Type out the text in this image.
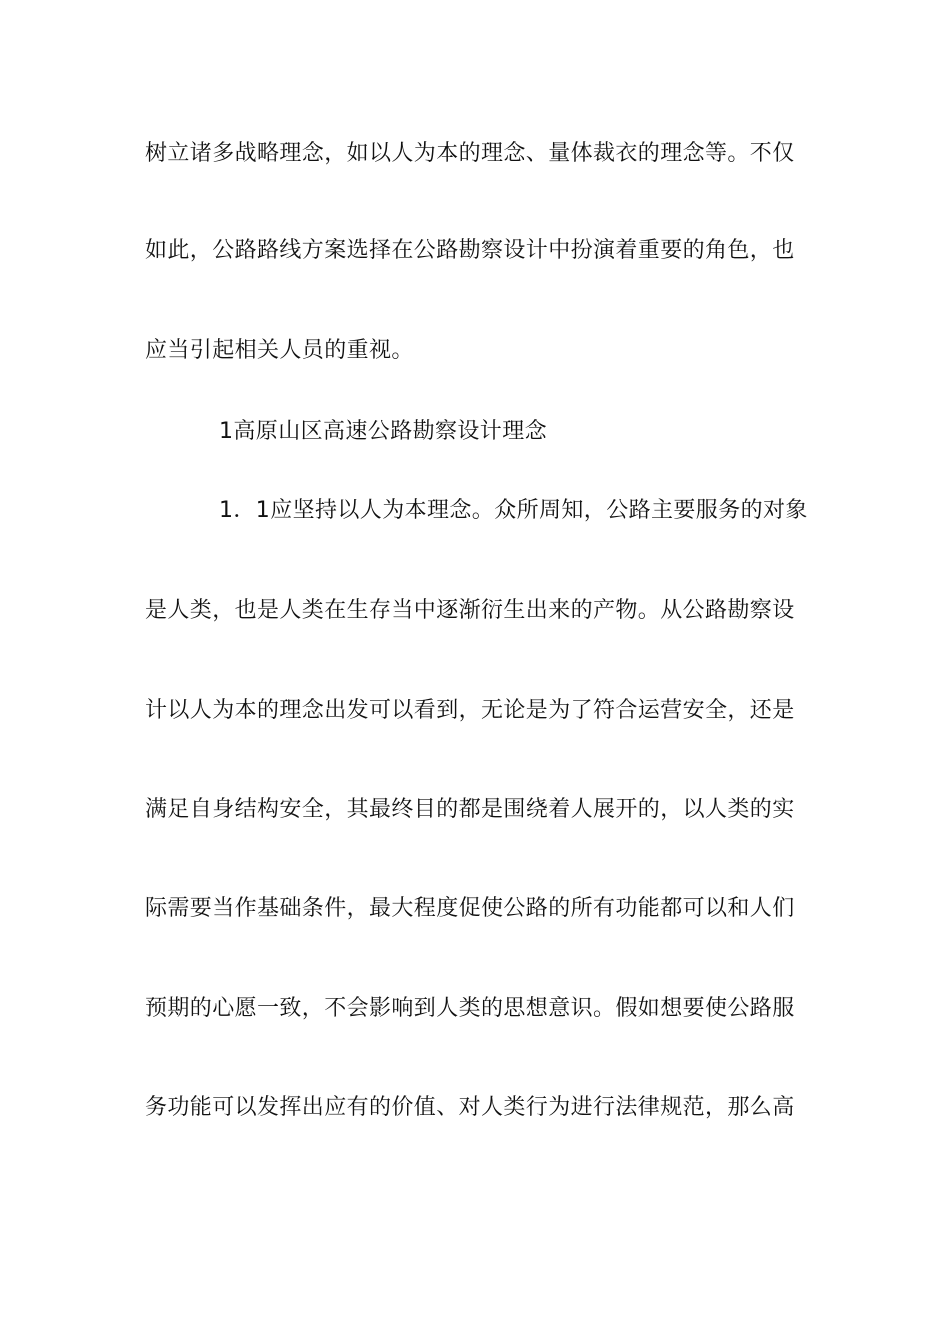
树立诸多战略理念，如以人为本的理念、量体裁衣的理念等。不仅
如此，公路路线方案选择在公路勘察设计中扮演着重要的角色，也
应当引起相关人员的重视。
1高原山区高速公路勘察设计理念
1．1应坚持以人为本理念。众所周知，公路主要服务的对象
是人类，也是人类在生存当中逐渐衍生出来的产物。从公路勘察设
计以人为本的理念出发可以看到，无论是为了符合运营安全，还是
满足自身结构安全，其最终目的都是围绕着人展开的，以人类的实
际需要当作基础条件，最大程度促使公路的所有功能都可以和人们
预期的心愿一致，不会影响到人类的思想意识。假如想要使公路服
务功能可以发挥出应有的价值、对人类行为进行法律规范，那么高
